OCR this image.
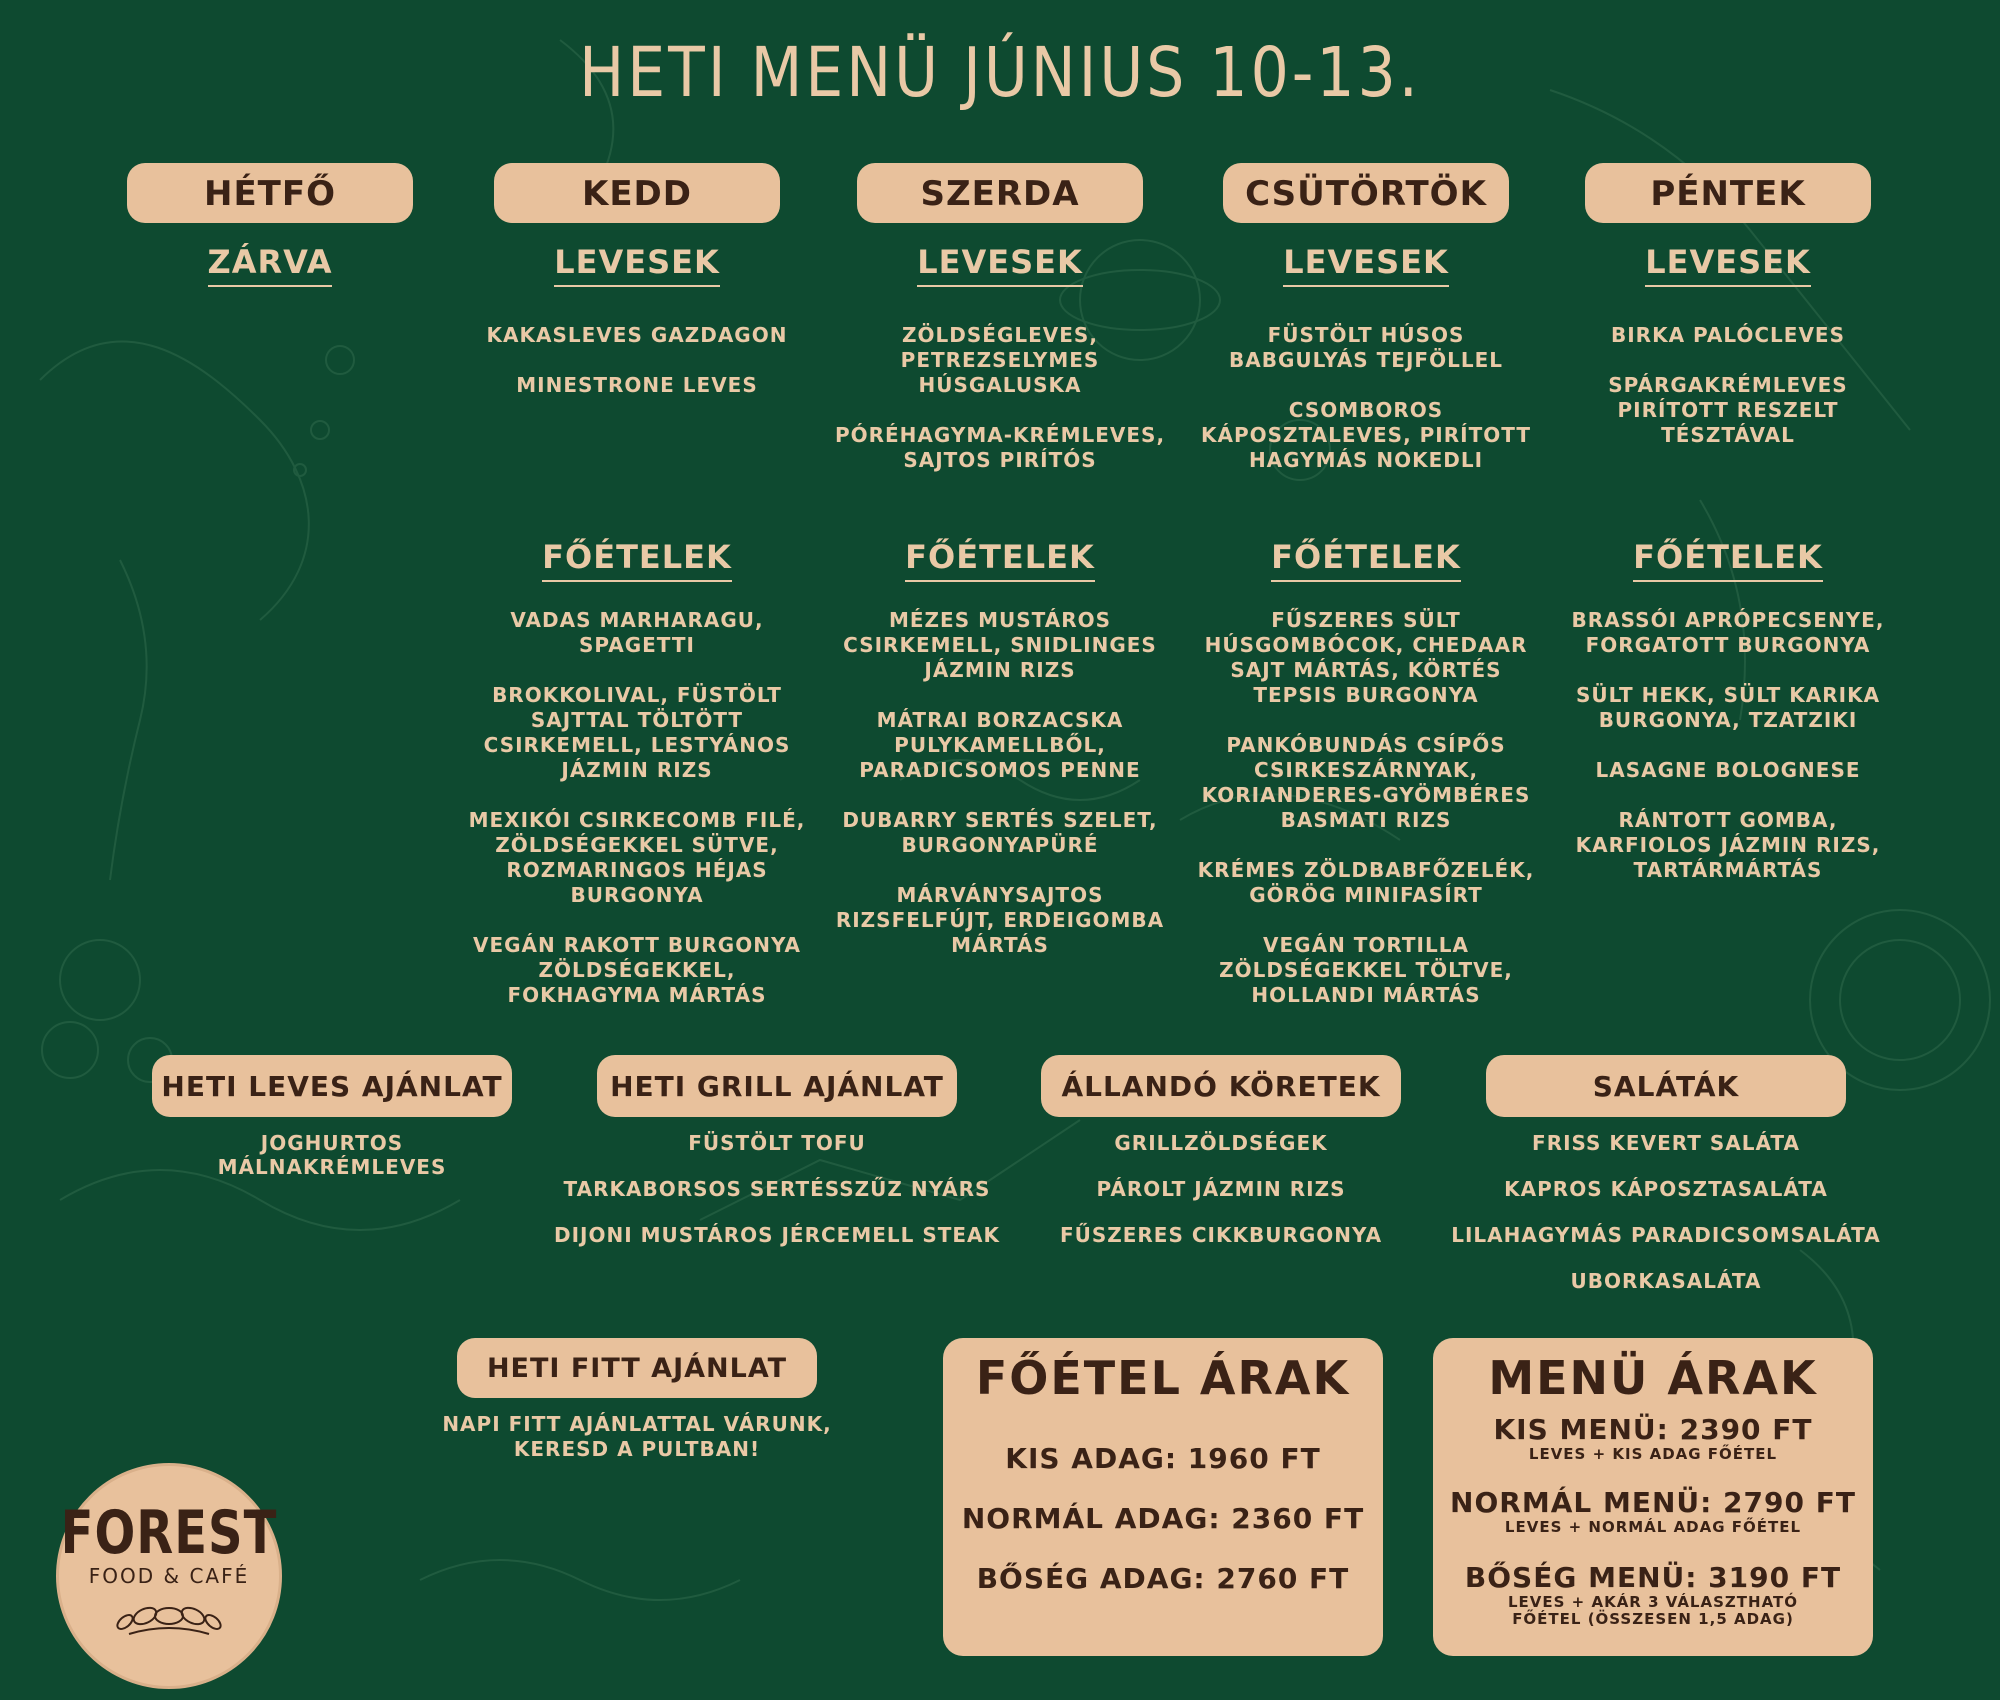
HETI MENÜ JÚNIUS 10-13.
HÉTFŐ
ZÁRVA
KEDD
LEVESEK
KAKASLEVES GAZDAGON
MINESTRONE LEVES
FŐÉTELEK
VADAS MARHARAGU, SPAGETTI
BROKKOLIVAL, FÜSTÖLT SAJTTAL TÖLTÖTT CSIRKEMELL, LESTYÁNOS JÁZMIN RIZS
MEXIKÓI CSIRKECOMB FILÉ, ZÖLDSÉGEKKEL SÜTVE, ROZMARINGOS HÉJAS BURGONYA
VEGÁN RAKOTT BURGONYA ZÖLDSÉGEKKEL, FOKHAGYMA MÁRTÁS
SZERDA
LEVESEK
ZÖLDSÉGLEVES, PETREZSELYMES HÚSGALUSKA
PÓRÉHAGYMA-KRÉMLEVES, SAJTOS PIRÍTÓS
FŐÉTELEK
MÉZES MUSTÁROS CSIRKEMELL, SNIDLINGES JÁZMIN RIZS
MÁTRAI BORZACSKA PULYKAMELLBŐL, PARADICSOMOS PENNE
DUBARRY SERTÉS SZELET, BURGONYAPÜRÉ
MÁRVÁNYSAJTOS RIZSFELFÚJT, ERDEIGOMBA MÁRTÁS
CSÜTÖRTÖK
LEVESEK
FÜSTÖLT HÚSOS BABGULYÁS TEJFÖLLEL
CSOMBOROS KÁPOSZTALEVES, PIRÍTOTT HAGYMÁS NOKEDLI
FŐÉTELEK
FŰSZERES SÜLT HÚSGOMBÓCOK, CHEDAAR SAJT MÁRTÁS, KÖRTÉS TEPSIS BURGONYA
PANKÓBUNDÁS CSÍPŐS CSIRKESZÁRNYAK, KORIANDERES-GYÖMBÉRES BASMATI RIZS
KRÉMES ZÖLDBABFŐZELÉK, GÖRÖG MINIFASÍRT
VEGÁN TORTILLA ZÖLDSÉGEKKEL TÖLTVE, HOLLANDI MÁRTÁS
PÉNTEK
LEVESEK
BIRKA PALÓCLEVES
SPÁRGAKRÉMLEVES PIRÍTOTT RESZELT TÉSZTÁVAL
FŐÉTELEK
BRASSÓI APRÓPECSENYE, FORGATOTT BURGONYA
SÜLT HEKK, SÜLT KARIKA BURGONYA, TZATZIKI
LASAGNE BOLOGNESE
RÁNTOTT GOMBA, KARFIOLOS JÁZMIN RIZS, TARTÁRMÁRTÁS
HETI LEVES AJÁNLAT
JOGHURTOS MÁLNAKRÉMLEVES
HETI GRILL AJÁNLAT
FÜSTÖLT TOFU
TARKABORSOS SERTÉSSZŰZ NYÁRS
DIJONI MUSTÁROS JÉRCEMELL STEAK
ÁLLANDÓ KÖRETEK
GRILLZÖLDSÉGEK
PÁROLT JÁZMIN RIZS
FŰSZERES CIKKBURGONYA
SALÁTÁK
FRISS KEVERT SALÁTA
KAPROS KÁPOSZTASALÁTA
LILAHAGYMÁS PARADICSOMSALÁTA
UBORKASALÁTA
HETI FITT AJÁNLAT
NAPI FITT AJÁNLATTAL VÁRUNK, KERESD A PULTBAN!
FŐÉTEL ÁRAK
KIS ADAG: 1960 FT
NORMÁL ADAG: 2360 FT
BŐSÉG ADAG: 2760 FT
MENÜ ÁRAK
KIS MENÜ: 2390 FT
LEVES + KIS ADAG FŐÉTEL
NORMÁL MENÜ: 2790 FT
LEVES + NORMÁL ADAG FŐÉTEL
BŐSÉG MENÜ: 3190 FT
LEVES + AKÁR 3 VÁLASZTHATÓ FŐÉTEL (ÖSSZESEN 1,5 ADAG)
FOREST
FOOD & CAFÉ
